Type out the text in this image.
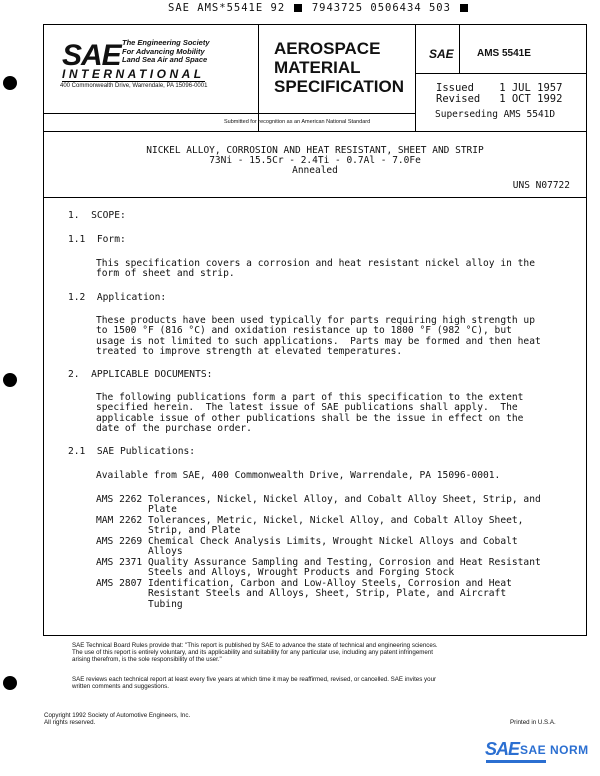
SAE AMS*5541E 92	7943725 0506434 503
SAE The Engineering Society
For Advancing Mobility
Land Sea Air and Space
INTERNATIONAL
400 Commonwealth Drive, Warrendale, PA 15096-0001
AEROSPACE
MATERIAL
SPECIFICATION
Submitted for recognition as an American National Standard
SAE AMS 5541E
Issued    1 JUL 1957
Revised   1 OCT 1992
Superseding AMS 5541D
NICKEL ALLOY, CORROSION AND HEAT RESISTANT, SHEET AND STRIP
73Ni - 15.5Cr - 2.4Ti - 0.7Al - 7.0Fe
Annealed
UNS N07722
1.  SCOPE:
1.1  Form:
This specification covers a corrosion and heat resistant nickel alloy in the
form of sheet and strip.
1.2  Application:
These products have been used typically for parts requiring high strength up
to 1500 °F (816 °C) and oxidation resistance up to 1800 °F (982 °C), but
usage is not limited to such applications.  Parts may be formed and then heat
treated to improve strength at elevated temperatures.
2.  APPLICABLE DOCUMENTS:
The following publications form a part of this specification to the extent
specified herein.  The latest issue of SAE publications shall apply.  The
applicable issue of other publications shall be the issue in effect on the
date of the purchase order.
2.1  SAE Publications:
Available from SAE, 400 Commonwealth Drive, Warrendale, PA 15096-0001.
AMS 2262 Tolerances, Nickel, Nickel Alloy, and Cobalt Alloy Sheet, Strip, and
Plate
MAM 2262 Tolerances, Metric, Nickel, Nickel Alloy, and Cobalt Alloy Sheet,
Strip, and Plate
AMS 2269 Chemical Check Analysis Limits, Wrought Nickel Alloys and Cobalt
Alloys
AMS 2371 Quality Assurance Sampling and Testing, Corrosion and Heat Resistant
Steels and Alloys, Wrought Products and Forging Stock
AMS 2807 Identification, Carbon and Low-Alloy Steels, Corrosion and Heat
Resistant Steels and Alloys, Sheet, Strip, Plate, and Aircraft
Tubing
SAE Technical Board Rules provide that: "This report is published by SAE to advance the state of technical and engineering sciences.
The use of this report is entirely voluntary, and its applicability and suitability for any particular use, including any patent infringement
arising therefrom, is the sole responsibility of the user."
SAE reviews each technical report at least every five years at which time it may be reaffirmed, revised, or cancelled. SAE invites your
written comments and suggestions.
Copyright 1992 Society of Automotive Engineers, Inc.
All rights reserved.	Printed in U.S.A.
SAE SAE NORM
